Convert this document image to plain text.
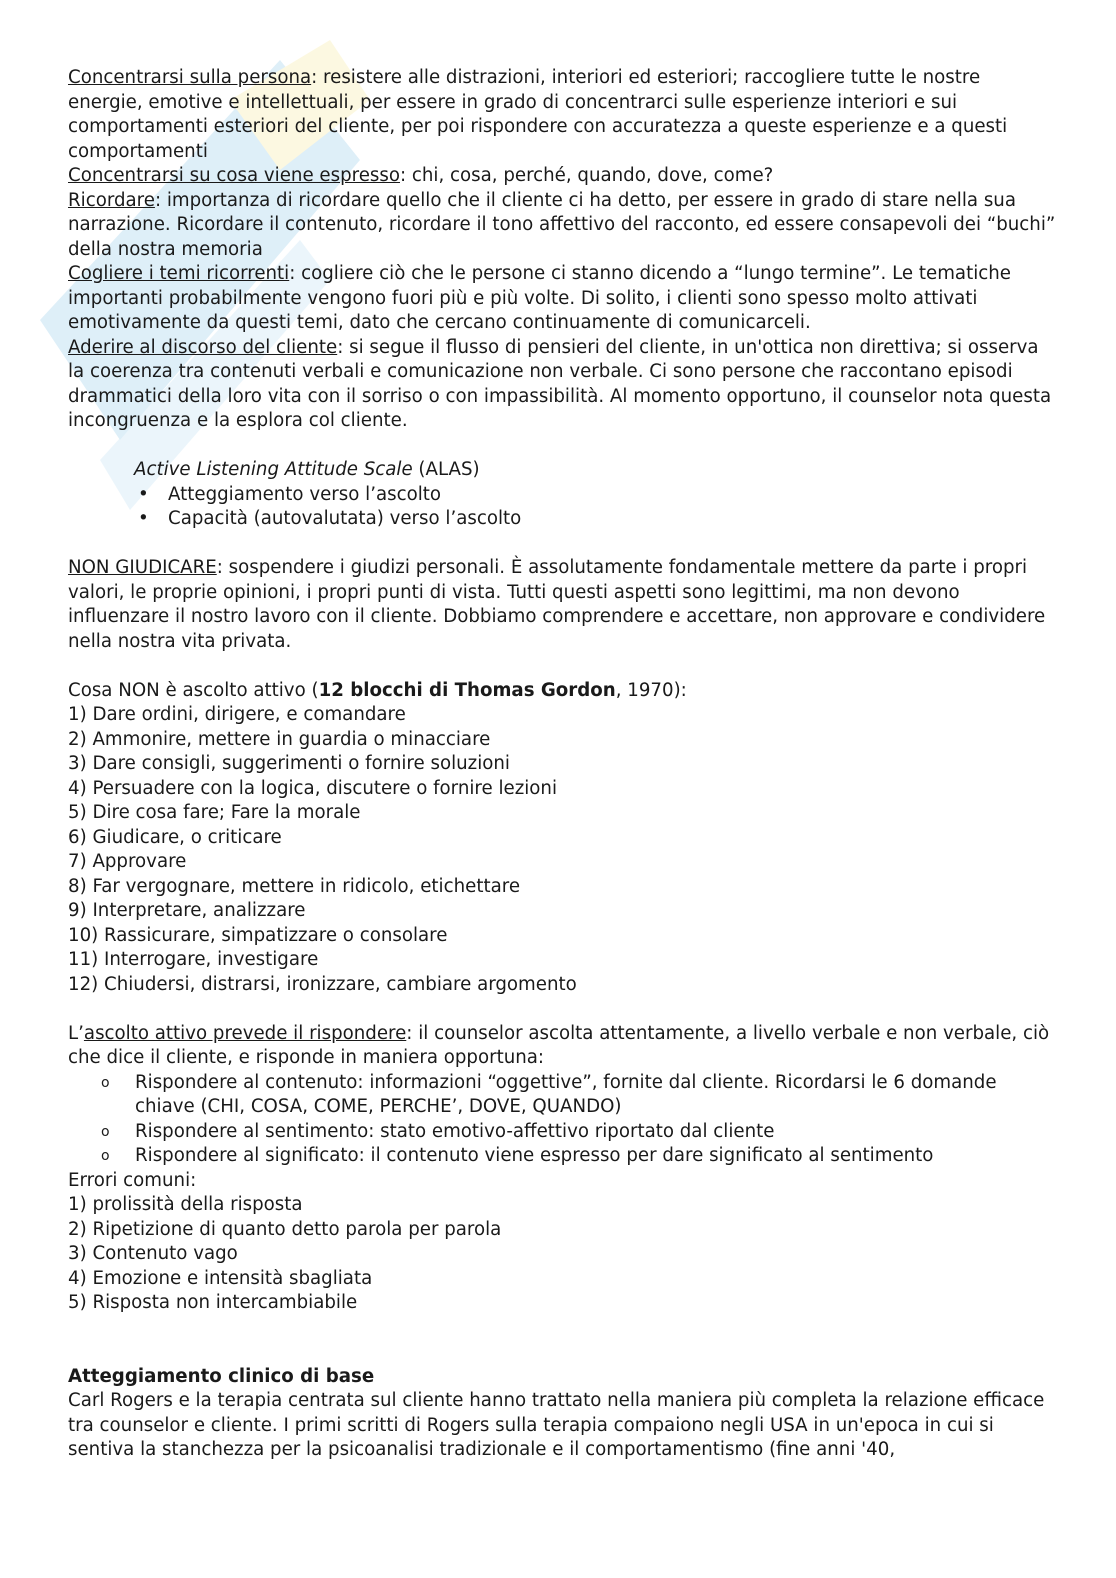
Concentrarsi sulla persona: resistere alle distrazioni, interiori ed esteriori; raccogliere tutte le nostre energie, emotive e intellettuali, per essere in grado di concentrarci sulle esperienze interiori e sui comportamenti esteriori del cliente, per poi rispondere con accuratezza a queste esperienze e a questi comportamenti

Concentrarsi su cosa viene espresso: chi, cosa, perché, quando, dove, come?

Ricordare: importanza di ricordare quello che il cliente ci ha detto, per essere in grado di stare nella sua narrazione. Ricordare il contenuto, ricordare il tono affettivo del racconto, ed essere consapevoli dei “buchi” della nostra memoria

Cogliere i temi ricorrenti: cogliere ciò che le persone ci stanno dicendo a “lungo termine”. Le tematiche importanti probabilmente vengono fuori più e più volte. Di solito, i clienti sono spesso molto attivati emotivamente da questi temi, dato che cercano continuamente di comunicarceli.

Aderire al discorso del cliente: si segue il flusso di pensieri del cliente, in un'ottica non direttiva; si osserva la coerenza tra contenuti verbali e comunicazione non verbale. Ci sono persone che raccontano episodi drammatici della loro vita con il sorriso o con impassibilità. Al momento opportuno, il counselor nota questa incongruenza e la esplora col cliente.

Active Listening Attitude Scale (ALAS)

• Atteggiamento verso l’ascolto
• Capacità (autovalutata) verso l’ascolto

NON GIUDICARE: sospendere i giudizi personali. È assolutamente fondamentale mettere da parte i propri valori, le proprie opinioni, i propri punti di vista. Tutti questi aspetti sono legittimi, ma non devono influenzare il nostro lavoro con il cliente. Dobbiamo comprendere e accettare, non approvare e condividere nella nostra vita privata.

Cosa NON è ascolto attivo (12 blocchi di Thomas Gordon, 1970):

1) Dare ordini, dirigere, e comandare
2) Ammonire, mettere in guardia o minacciare
3) Dare consigli, suggerimenti o fornire soluzioni
4) Persuadere con la logica, discutere o fornire lezioni
5) Dire cosa fare; Fare la morale
6) Giudicare, o criticare
7) Approvare
8) Far vergognare, mettere in ridicolo, etichettare
9) Interpretare, analizzare
10) Rassicurare, simpatizzare o consolare
11) Interrogare, investigare
12) Chiudersi, distrarsi, ironizzare, cambiare argomento

L’ascolto attivo prevede il rispondere: il counselor ascolta attentamente, a livello verbale e non verbale, ciò che dice il cliente, e risponde in maniera opportuna:

o Rispondere al contenuto: informazioni “oggettive”, fornite dal cliente. Ricordarsi le 6 domande chiave (CHI, COSA, COME, PERCHE’, DOVE, QUANDO)
o Rispondere al sentimento: stato emotivo-affettivo riportato dal cliente
o Rispondere al significato: il contenuto viene espresso per dare significato al sentimento

Errori comuni:

1) prolissità della risposta
2) Ripetizione di quanto detto parola per parola
3) Contenuto vago
4) Emozione e intensità sbagliata
5) Risposta non intercambiabile

Atteggiamento clinico di base

Carl Rogers e la terapia centrata sul cliente hanno trattato nella maniera più completa la relazione efficace tra counselor e cliente. I primi scritti di Rogers sulla terapia compaiono negli USA in un'epoca in cui si sentiva la stanchezza per la psicoanalisi tradizionale e il comportamentismo (fine anni '40,
